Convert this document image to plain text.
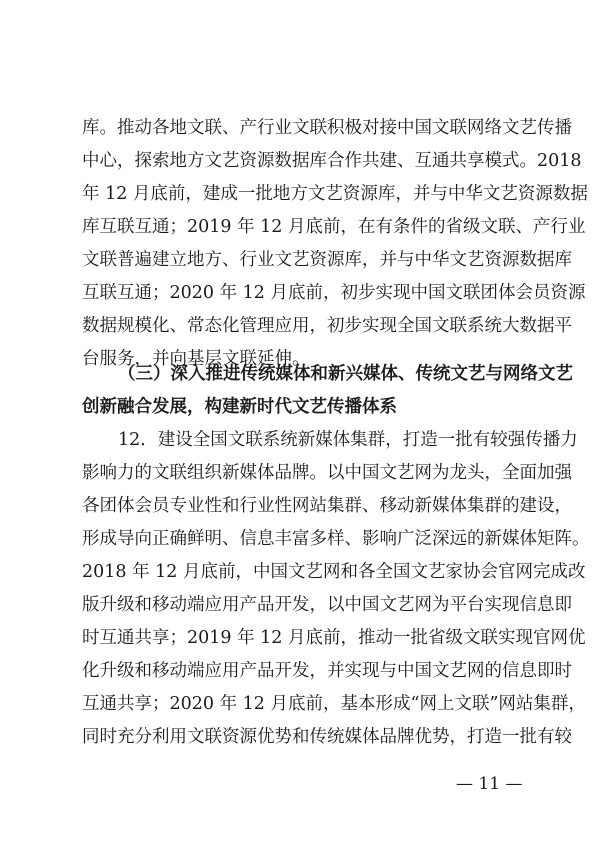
库。推动各地文联、产行业文联积极对接中国文联网络文艺传播
中心，探索地方文艺资源数据库合作共建、互通共享模式。2018
年 12 月底前，建成一批地方文艺资源库，并与中华文艺资源数据
库互联互通；2019 年 12 月底前，在有条件的省级文联、产行业
文联普遍建立地方、行业文艺资源库，并与中华文艺资源数据库
互联互通；2020 年 12 月底前，初步实现中国文联团体会员资源
数据规模化、常态化管理应用，初步实现全国文联系统大数据平
台服务，并向基层文联延伸。
（三）深入推进传统媒体和新兴媒体、传统文艺与网络文艺
创新融合发展，构建新时代文艺传播体系
12．建设全国文联系统新媒体集群，打造一批有较强传播力
影响力的文联组织新媒体品牌。以中国文艺网为龙头，全面加强
各团体会员专业性和行业性网站集群、移动新媒体集群的建设，
形成导向正确鲜明、信息丰富多样、影响广泛深远的新媒体矩阵。
2018 年 12 月底前，中国文艺网和各全国文艺家协会官网完成改
版升级和移动端应用产品开发，以中国文艺网为平台实现信息即
时互通共享；2019 年 12 月底前，推动一批省级文联实现官网优
化升级和移动端应用产品开发，并实现与中国文艺网的信息即时
互通共享；2020 年 12 月底前，基本形成“网上文联”网站集群，
同时充分利用文联资源优势和传统媒体品牌优势，打造一批有较
— 11 —
